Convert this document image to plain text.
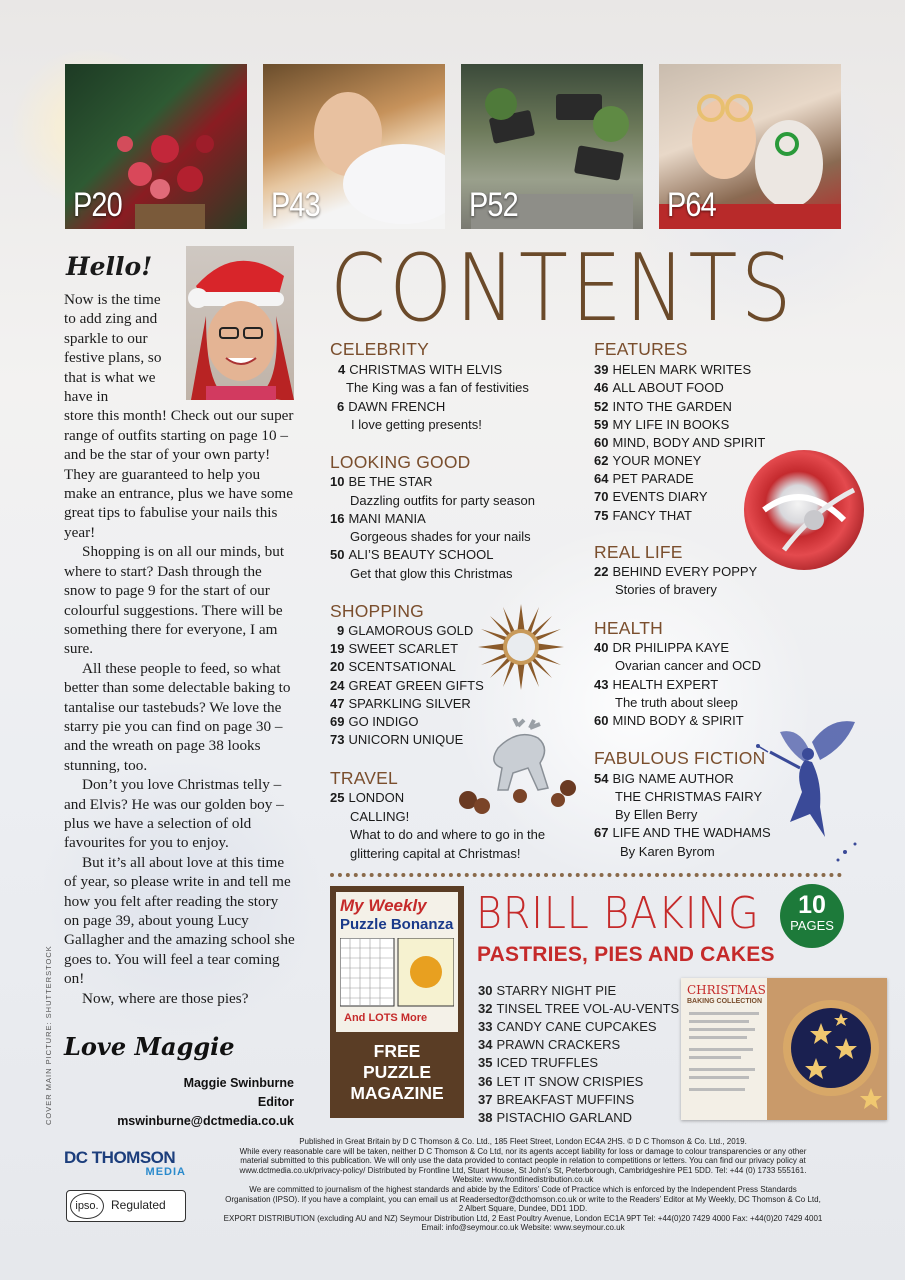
P20	P43	P52	P64
Hello!

Now is the time to add zing and sparkle to our festive plans, so that is what we have in

store this month! Check out our super range of outfits starting on page 10 – and be the star of your own party! They are guaranteed to help you make an entrance, plus we have some great tips to fabulise your nails this year!

Shopping is on all our minds, but where to start? Dash through the snow to page 9 for the start of our colourful suggestions. There will be something there for everyone, I am sure.

All these people to feed, so what better than some delectable baking to tantalise our tastebuds? We love the starry pie you can find on page 30 – and the wreath on page 38 looks stunning, too.

Don’t you love Christmas telly – and Elvis? He was our golden boy – plus we have a selection of old favourites for you to enjoy.

But it’s all about love at this time of year, so please write in and tell me how you felt after reading the story on page 39, about young Lucy Gallagher and the amazing school she goes to. You will feel a tear coming on!

Now, where are those pies?

Love Maggie
Maggie Swinburne
Editor
mswinburne@dctmedia.co.uk
COVER MAIN PICTURE: SHUTTERSTOCK
CONTENTS
CELEBRITY
4 CHRISTMAS WITH ELVIS
The King was a fan of festivities
6 DAWN FRENCH
I love getting presents!
LOOKING GOOD
10 BE THE STAR
Dazzling outfits for party season
16 MANI MANIA
Gorgeous shades for your nails
50 ALI’S BEAUTY SCHOOL
Get that glow this Christmas
SHOPPING
9 GLAMOROUS GOLD
19 SWEET SCARLET
20 SCENTSATIONAL
24 GREAT GREEN GIFTS
47 SPARKLING SILVER
69 GO INDIGO
73 UNICORN UNIQUE
TRAVEL
25 LONDON
CALLING!
What to do and where to go in the
glittering capital at Christmas!
FEATURES
39 HELEN MARK WRITES
46 ALL ABOUT FOOD
52 INTO THE GARDEN
59 MY LIFE IN BOOKS
60 MIND, BODY AND SPIRIT
62 YOUR MONEY
64 PET PARADE
70 EVENTS DIARY
75 FANCY THAT
REAL LIFE
22 BEHIND EVERY POPPY
Stories of bravery
HEALTH
40 DR PHILIPPA KAYE
Ovarian cancer and OCD
43 HEALTH EXPERT
The truth about sleep
60 MIND BODY & SPIRIT
FABULOUS FICTION
54 BIG NAME AUTHOR
THE CHRISTMAS FAIRY
By Ellen Berry
67 LIFE AND THE WADHAMS
By Karen Byrom
My Weekly
Puzzle Bonanza
And LOTS More
FREE
PUZZLE
MAGAZINE
BRILL BAKING
PASTRIES, PIES AND CAKES
10
PAGES
30 STARRY NIGHT PIE
32 TINSEL TREE VOL-AU-VENTS
33 CANDY CANE CUPCAKES
34 PRAWN CRACKERS
35 ICED TRUFFLES
36 LET IT SNOW CRISPIES
37 BREAKFAST MUFFINS
38 PISTACHIO GARLAND
CHRISTMAS
BAKING COLLECTION
DC THOMSON
MEDIA
ipso.	Regulated
Published in Great Britain by D C Thomson & Co. Ltd., 185 Fleet Street, London EC4A 2HS. © D C Thomson & Co. Ltd., 2019.
While every reasonable care will be taken, neither D C Thomson & Co Ltd, nor its agents accept liability for loss or damage to colour transparencies or any other
material submitted to this publication. We will only use the data provided to contact people in relation to competitions or letters. You can find our privacy policy at
www.dctmedia.co.uk/privacy-policy/ Distributed by Frontline Ltd, Stuart House, St John’s St, Peterborough, Cambridgeshire PE1 5DD. Tel: +44 (0) 1733 555161.
Website: www.frontlinedistribution.co.uk
We are committed to journalism of the highest standards and abide by the Editors’ Code of Practice which is enforced by the Independent Press Standards
Organisation (IPSO). If you have a complaint, you can email us at Readersedtor@dcthomson.co.uk or write to the Readers’ Editor at My Weekly, DC Thomson & Co Ltd,
2 Albert Square, Dundee, DD1 1DD.
EXPORT DISTRIBUTION (excluding AU and NZ) Seymour Distribution Ltd, 2 East Poultry Avenue, London EC1A 9PT Tel: +44(0)20 7429 4000 Fax: +44(0)20 7429 4001
Email: info@seymour.co.uk Website: www.seymour.co.uk
